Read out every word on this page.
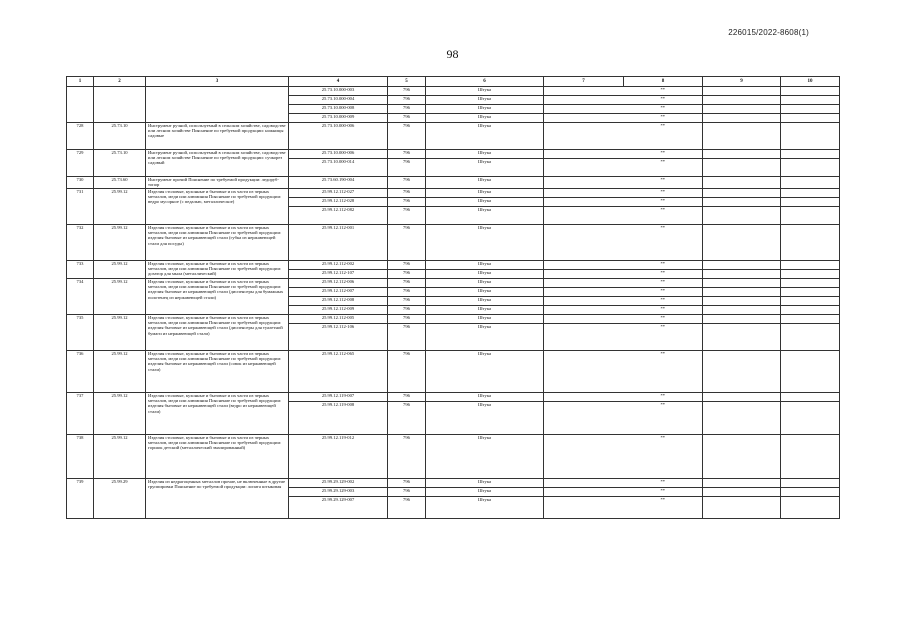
226015/2022-8608(1)
98
1	2	3	4	5	6	7	8	9	10
			25.73.10.000-003	796	Штука		**		
			25.73.10.000-004	796	Штука		**		
			25.73.10.000-008	796	Штука		**		
			25.73.10.000-009	796	Штука		**		
728	25.73.10	Инструмент ручной, используемый в сельском хозяйстве, садоводстве или лесном хозяйстве Пояснение по требуемой продукции: ножницы садовые	25.73.10.000-006	796	Штука		**		
729	25.73.10	Инструмент ручной, используемый в сельском хозяйстве, садоводстве или лесном хозяйстве Пояснение по требуемой продукции: сучкорез садовый	25.73.10.000-006	796	Штука		**		
			25.73.10.000-014	796	Штука		**		
730	25.73.60	Инструмент прочий Пояснение по требуемой продукции: ледоруб-топор	25.73.60.190-004	796	Штука		**		
731	25.99.12	Изделия столовые, кухонные и бытовые и их части из черных металлов, меди или алюминия Пояснение по требуемой продукции: ведро мусорное (с педалью, металлическое)	25.99.12.112-027	796	Штука		**		
			25.99.12.112-028	796	Штука		**		
			25.99.12.112-082	796	Штука		**		
732	25.99.12	Изделия столовые, кухонные и бытовые и их части из черных металлов, меди или алюминия Пояснение по требуемой продукции: изделия бытовые из нержавеющей стали (губка из нержавеющей стали для посуды)	25.99.12.112-001	796	Штука		**		
733	25.99.12	Изделия столовые, кухонные и бытовые и их части из черных металлов, меди или алюминия Пояснение по требуемой продукции: дозатор для мыла (металлический)	25.99.12.112-002	796	Штука		**		
			25.99.12.112-107	796	Штука		**		
734	25.99.12	Изделия столовые, кухонные и бытовые и их части из черных металлов, меди или алюминия Пояснение по требуемой продукции: изделия бытовые из нержавеющей стали (диспенсеры для бумажных полотенец из нержавеющей стали)	25.99.12.112-006	796	Штука		**		
			25.99.12.112-007	796	Штука		**		
			25.99.12.112-008	796	Штука		**		
			25.99.12.112-009	796	Штука		**		
735	25.99.12	Изделия столовые, кухонные и бытовые и их части из черных металлов, меди или алюминия Пояснение по требуемой продукции: изделия бытовые из нержавеющей стали (диспенсеры для туалетной бумаги из нержавеющей стали)	25.99.12.112-005	796	Штука		**		
			25.99.12.112-106	796	Штука		**		
736	25.99.12	Изделия столовые, кухонные и бытовые и их части из черных металлов, меди или алюминия Пояснение по требуемой продукции: изделия бытовые из нержавеющей стали (совок из нержавеющей стали)	25.99.12.112-065	796	Штука		**		
737	25.99.12	Изделия столовые, кухонные и бытовые и их части из черных металлов, меди или алюминия Пояснение по требуемой продукции: изделия бытовые из нержавеющей стали (ведро из нержавеющей стали)	25.99.12.119-007	796	Штука		**		
			25.99.12.119-008	796	Штука		**		
738	25.99.12	Изделия столовые, кухонные и бытовые и их части из черных металлов, меди или алюминия Пояснение по требуемой продукции: горшок детский (металлический эмалированный)	25.99.12.119-012	796	Штука		**		
739	25.99.29	Изделия из недрагоценных металлов прочие, не включенные в другие группировки Пояснение по требуемой продукции: лопата штыковая	25.99.29.129-002	796	Штука		**		
			25.99.29.129-003	796	Штука		**		
			25.99.29.129-007	796	Штука		**		
